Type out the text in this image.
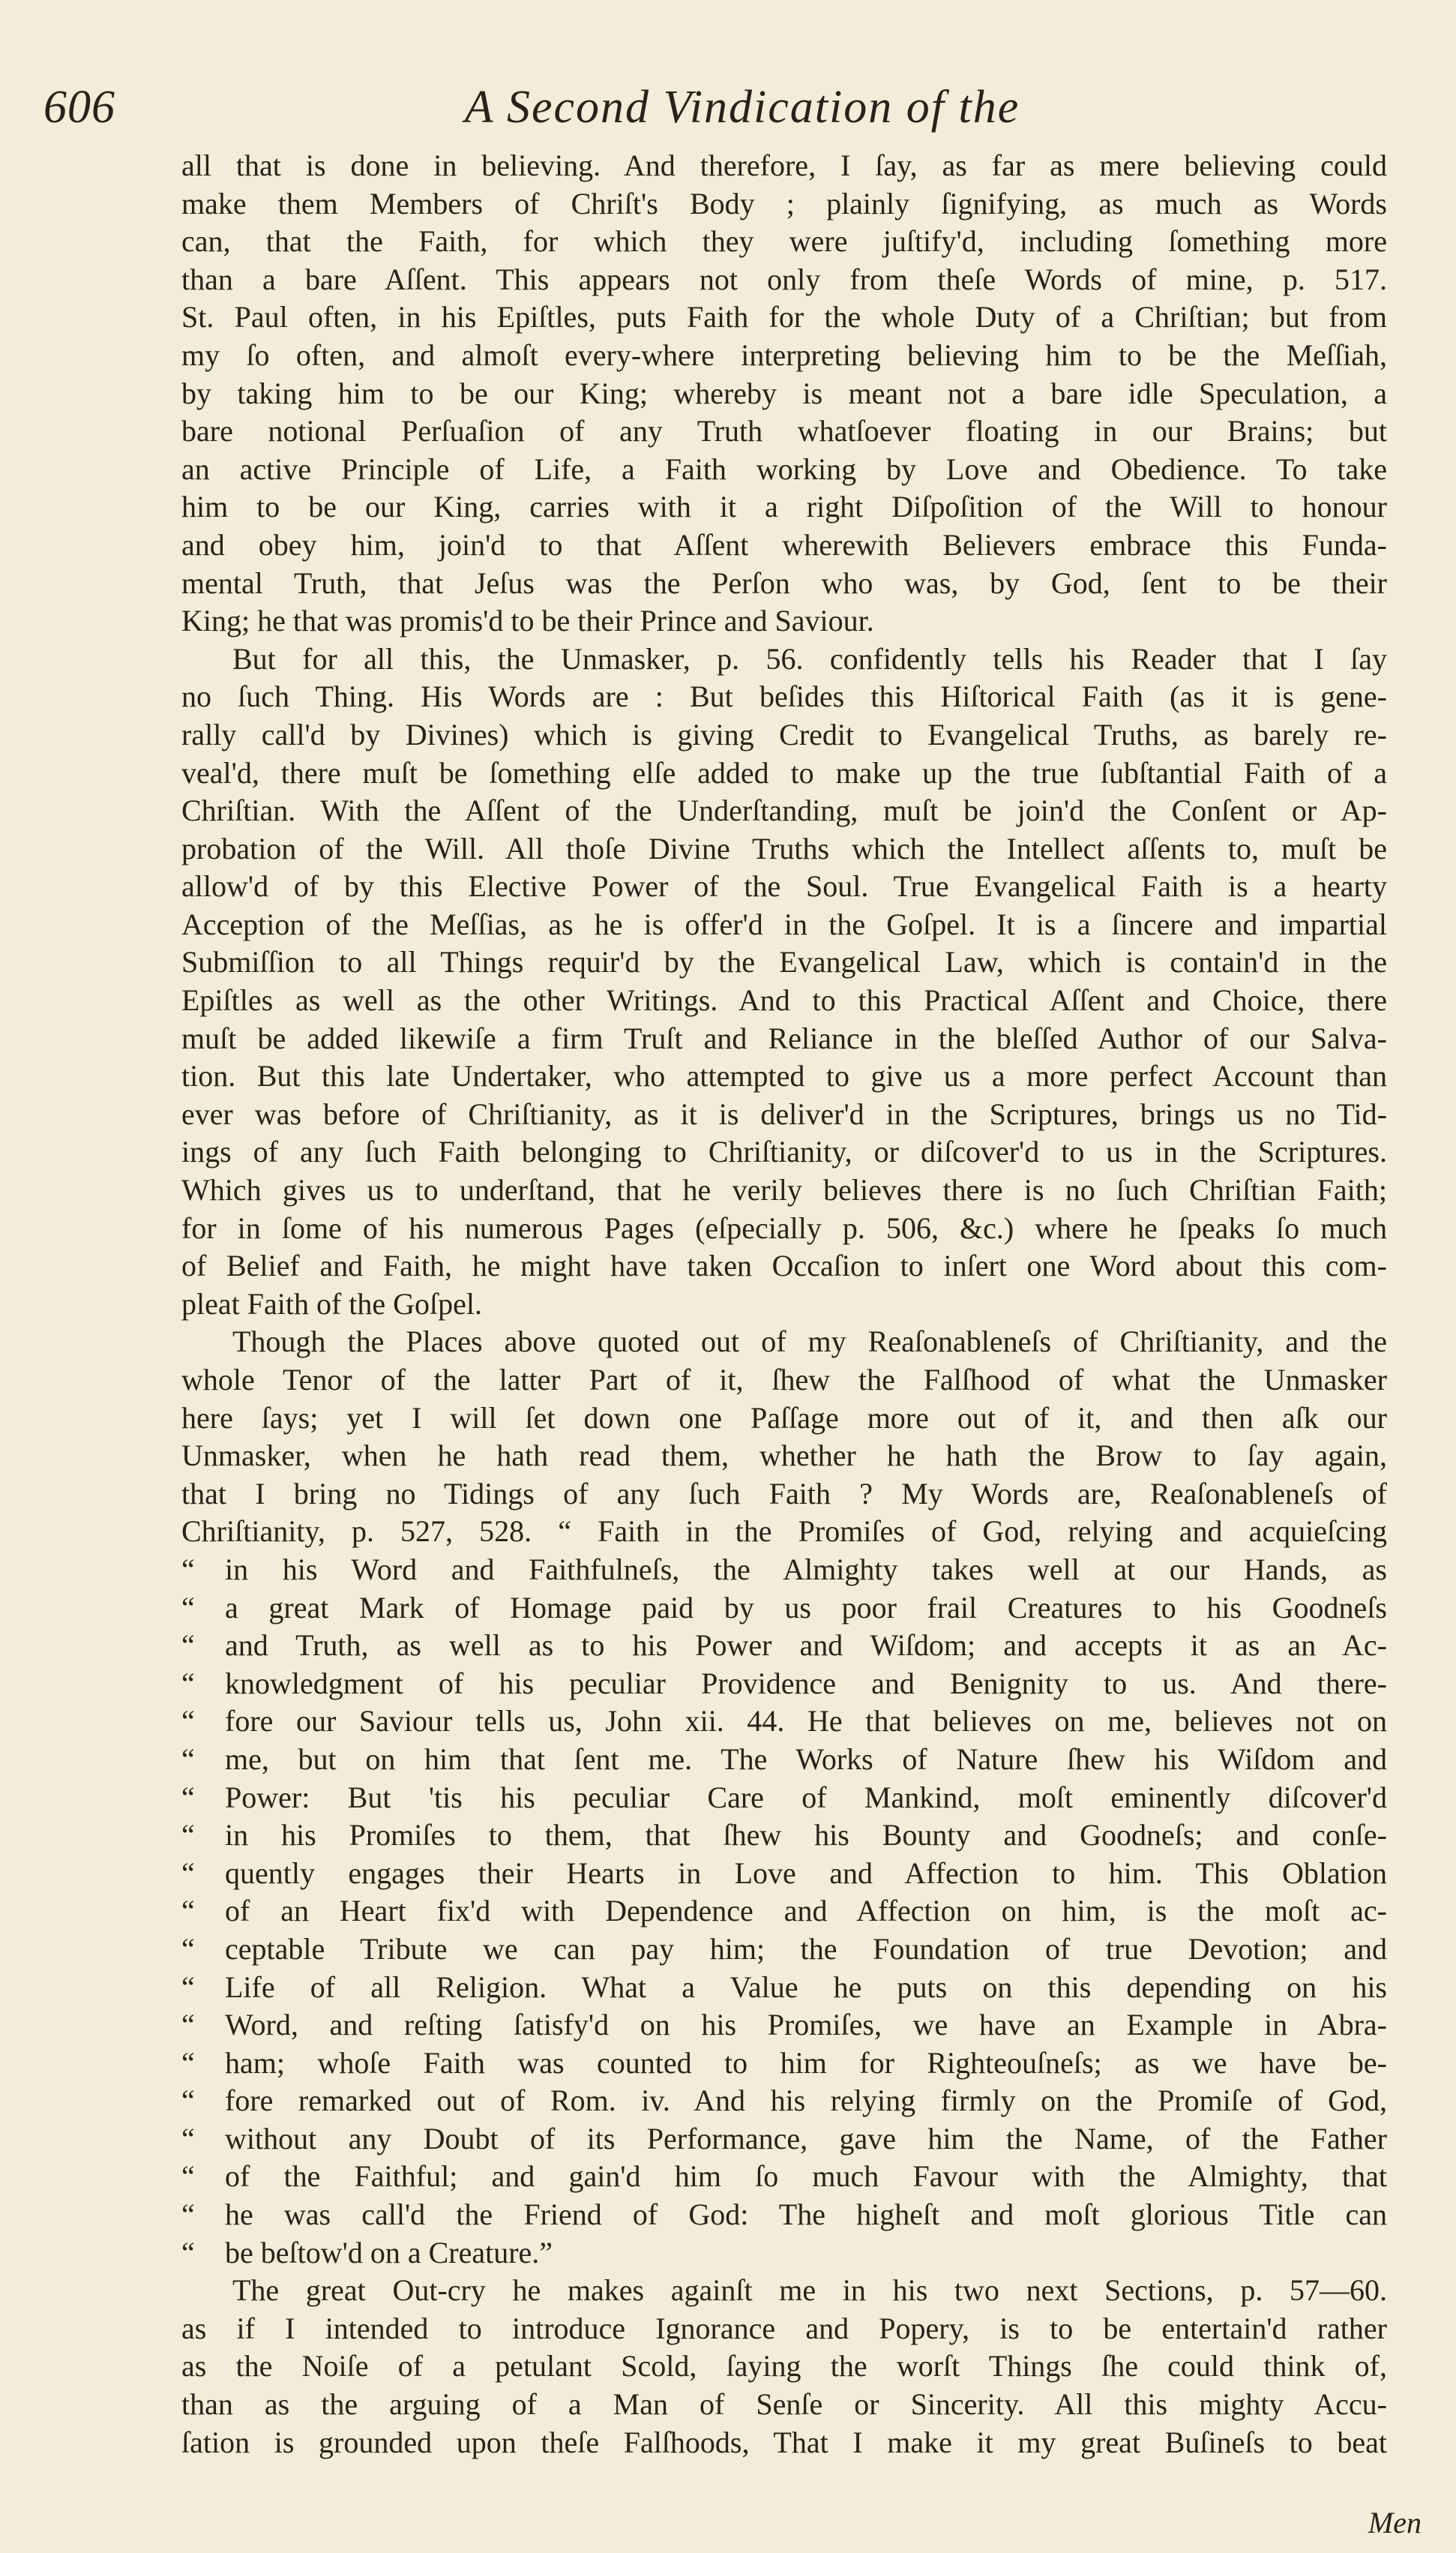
606	A Second Vindication of the
all that is done in believing. And therefore, I ſay, as far as mere believing could
make them Members of Chriſt's Body ; plainly ſignifying, as much as Words
can, that the Faith, for which they were juſtify'd, including ſomething more
than a bare Aſſent. This appears not only from theſe Words of mine, p. 517.
St. Paul often, in his Epiſtles, puts Faith for the whole Duty of a Chriſtian; but from
my ſo often, and almoſt every-where interpreting believing him to be the Meſſiah,
by taking him to be our King; whereby is meant not a bare idle Speculation, a
bare notional Perſuaſion of any Truth whatſoever floating in our Brains; but
an active Principle of Life, a Faith working by Love and Obedience. To take
him to be our King, carries with it a right Diſpoſition of the Will to honour
and obey him, join'd to that Aſſent wherewith Believers embrace this Funda-
mental Truth, that Jeſus was the Perſon who was, by God, ſent to be their
King; he that was promis'd to be their Prince and Saviour.
But for all this, the Unmasker, p. 56. confidently tells his Reader that I ſay
no ſuch Thing. His Words are : But beſides this Hiſtorical Faith (as it is gene-
rally call'd by Divines) which is giving Credit to Evangelical Truths, as barely re-
veal'd, there muſt be ſomething elſe added to make up the true ſubſtantial Faith of a
Chriſtian. With the Aſſent of the Underſtanding, muſt be join'd the Conſent or Ap-
probation of the Will. All thoſe Divine Truths which the Intellect aſſents to, muſt be
allow'd of by this Elective Power of the Soul. True Evangelical Faith is a hearty
Acception of the Meſſias, as he is offer'd in the Goſpel. It is a ſincere and impartial
Submiſſion to all Things requir'd by the Evangelical Law, which is contain'd in the
Epiſtles as well as the other Writings. And to this Practical Aſſent and Choice, there
muſt be added likewiſe a firm Truſt and Reliance in the bleſſed Author of our Salva-
tion. But this late Undertaker, who attempted to give us a more perfect Account than
ever was before of Chriſtianity, as it is deliver'd in the Scriptures, brings us no Tid-
ings of any ſuch Faith belonging to Chriſtianity, or diſcover'd to us in the Scriptures.
Which gives us to underſtand, that he verily believes there is no ſuch Chriſtian Faith;
for in ſome of his numerous Pages (eſpecially p. 506, &c.) where he ſpeaks ſo much
of Belief and Faith, he might have taken Occaſion to inſert one Word about this com-
pleat Faith of the Goſpel.
Though the Places above quoted out of my Reaſonableneſs of Chriſtianity, and the
whole Tenor of the latter Part of it, ſhew the Falſhood of what the Unmasker
here ſays; yet I will ſet down one Paſſage more out of it, and then aſk our
Unmasker, when he hath read them, whether he hath the Brow to ſay again,
that I bring no Tidings of any ſuch Faith ? My Words are, Reaſonableneſs of
Chriſtianity, p. 527, 528. “ Faith in the Promiſes of God, relying and acquieſcing
“ in his Word and Faithfulneſs, the Almighty takes well at our Hands, as
“ a great Mark of Homage paid by us poor frail Creatures to his Goodneſs
“ and Truth, as well as to his Power and Wiſdom; and accepts it as an Ac-
“ knowledgment of his peculiar Providence and Benignity to us. And there-
“ fore our Saviour tells us, John xii. 44. He that believes on me, believes not on
“ me, but on him that ſent me. The Works of Nature ſhew his Wiſdom and
“ Power: But 'tis his peculiar Care of Mankind, moſt eminently diſcover'd
“ in his Promiſes to them, that ſhew his Bounty and Goodneſs; and conſe-
“ quently engages their Hearts in Love and Affection to him. This Oblation
“ of an Heart fix'd with Dependence and Affection on him, is the moſt ac-
“ ceptable Tribute we can pay him; the Foundation of true Devotion; and
“ Life of all Religion. What a Value he puts on this depending on his
“ Word, and reſting ſatisfy'd on his Promiſes, we have an Example in Abra-
“ ham; whoſe Faith was counted to him for Righteouſneſs; as we have be-
“ fore remarked out of Rom. iv. And his relying firmly on the Promiſe of God,
“ without any Doubt of its Performance, gave him the Name, of the Father
“ of the Faithful; and gain'd him ſo much Favour with the Almighty, that
“ he was call'd the Friend of God: The higheſt and moſt glorious Title can
“ be beſtow'd on a Creature.”
The great Out-cry he makes againſt me in his two next Sections, p. 57—60.
as if I intended to introduce Ignorance and Popery, is to be entertain'd rather
as the Noiſe of a petulant Scold, ſaying the worſt Things ſhe could think of,
than as the arguing of a Man of Senſe or Sincerity. All this mighty Accu-
ſation is grounded upon theſe Falſhoods, That I make it my great Buſineſs to beat
Men
